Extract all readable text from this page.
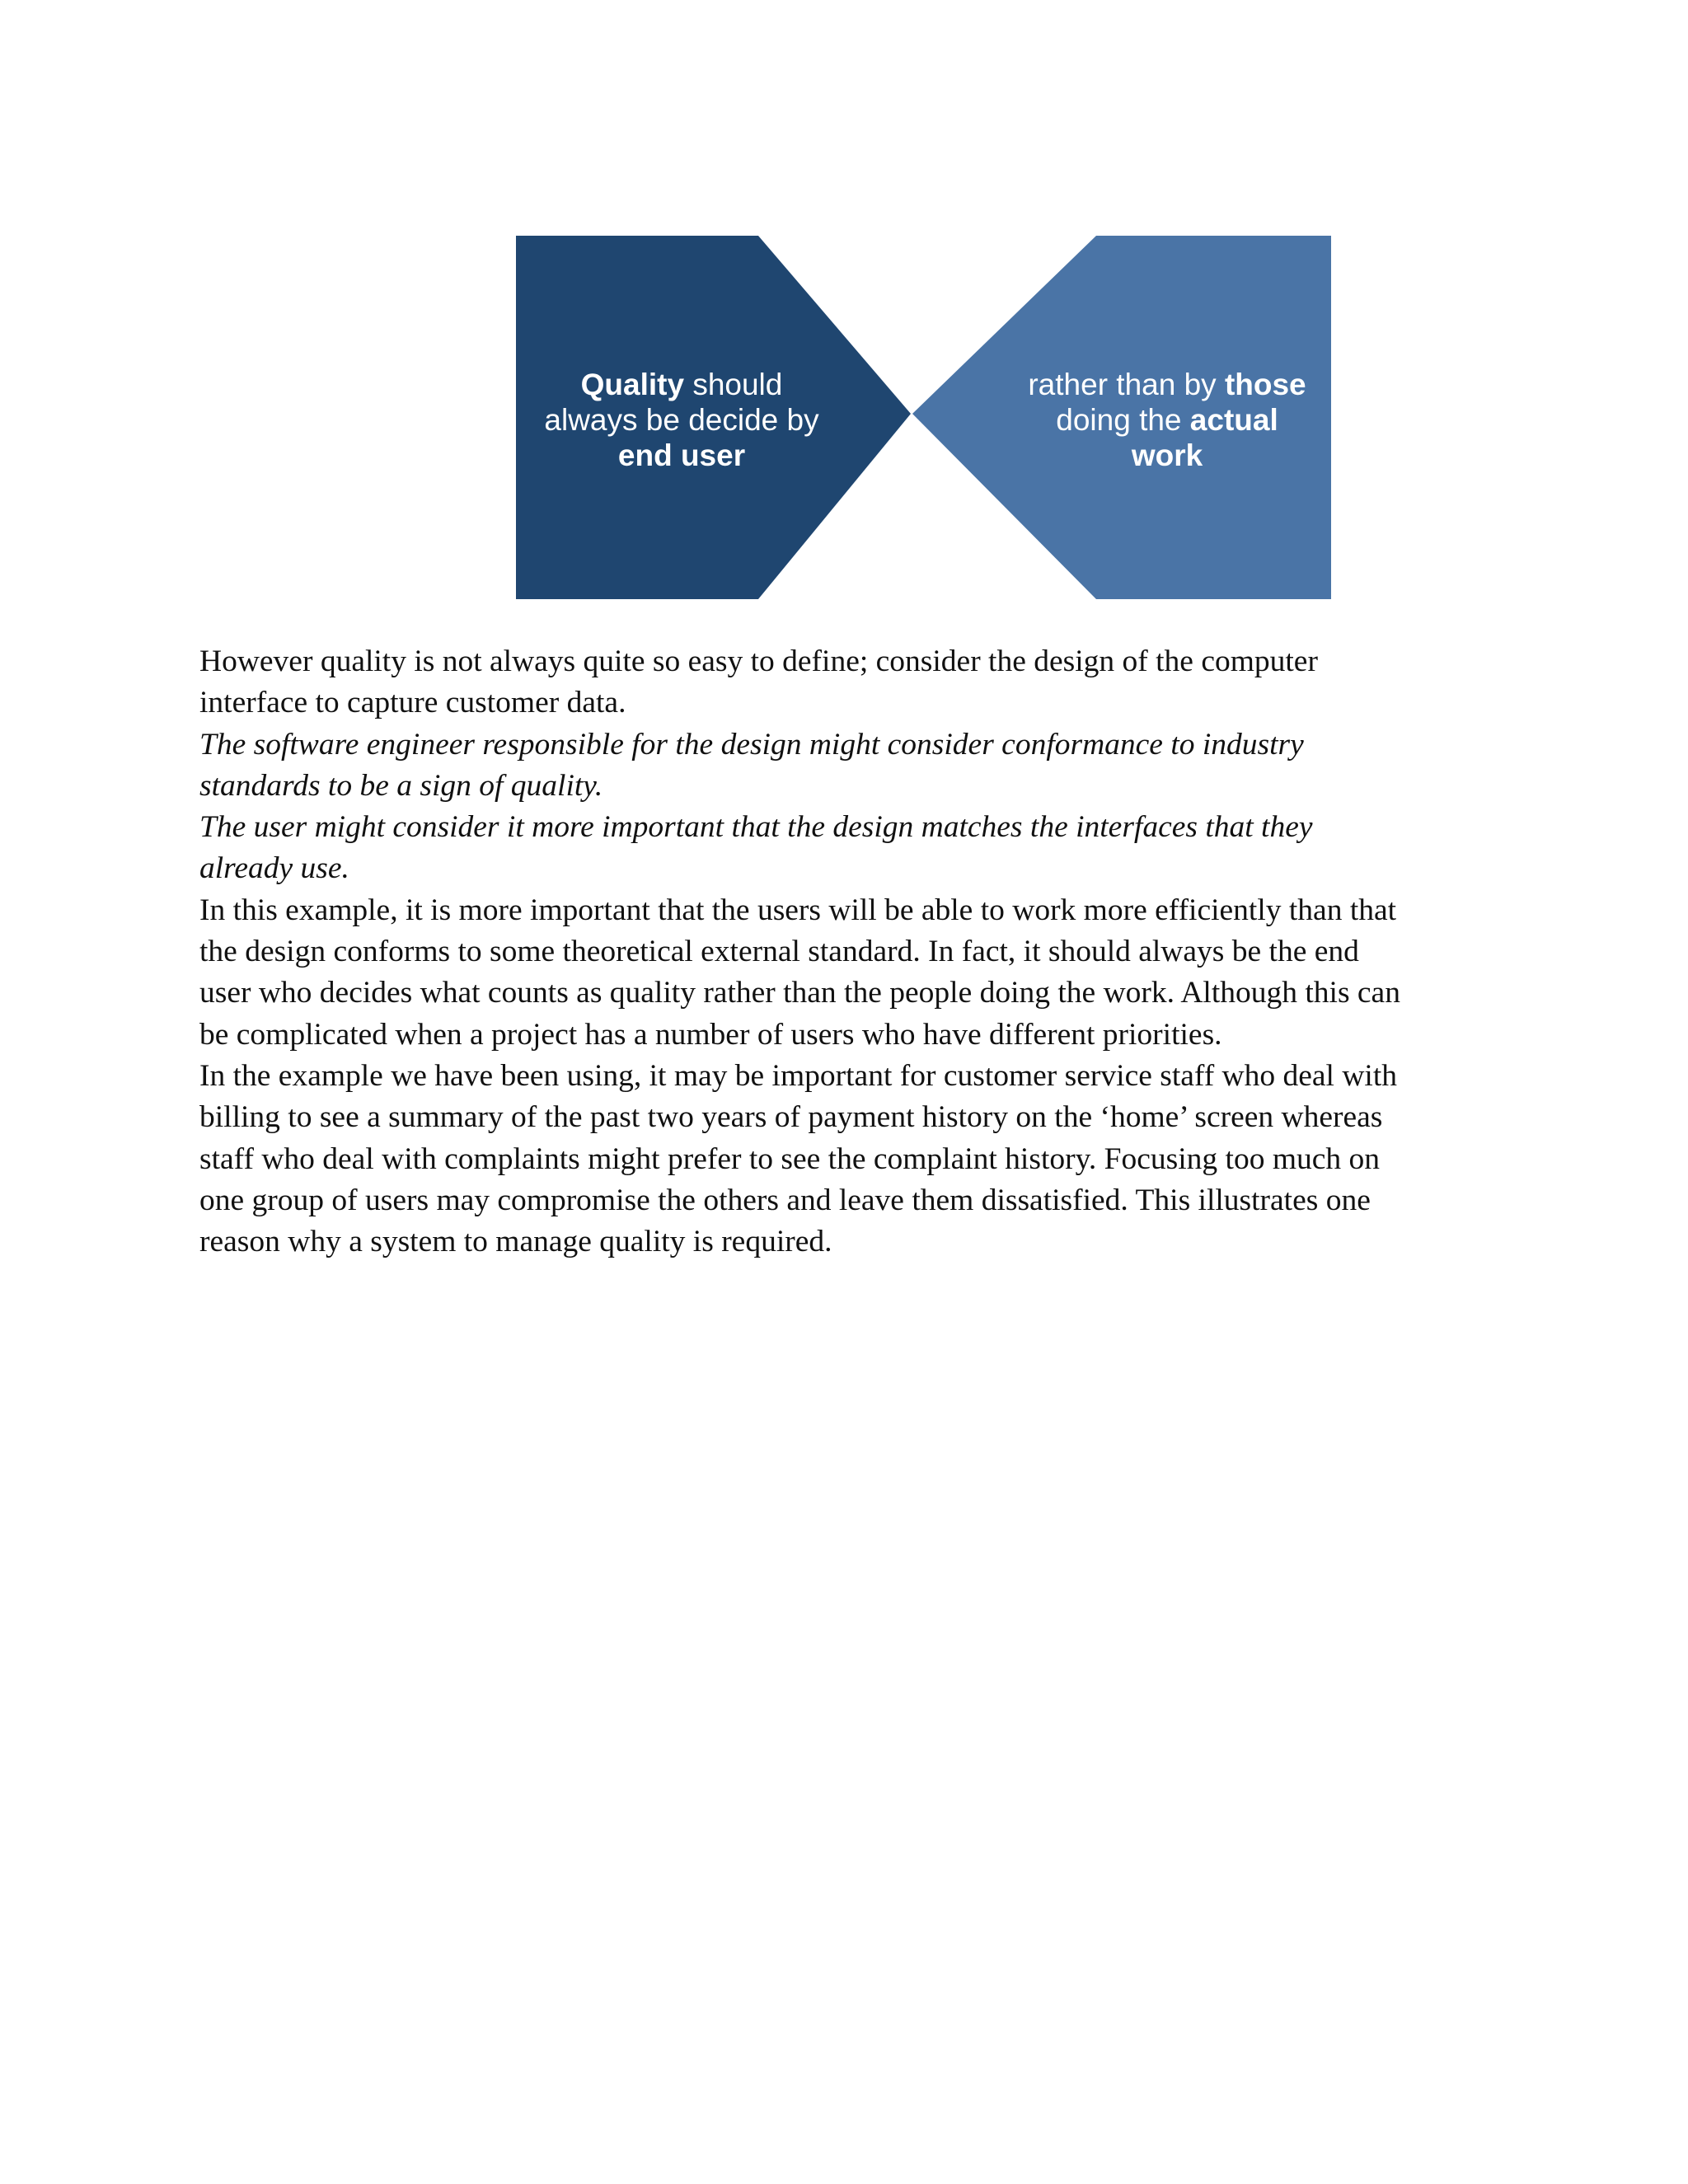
Quality should
always be decide by
end user
rather than by those
doing the actual
work

However quality is not always quite so easy to define; consider the design of the computer
interface to capture customer data.

The software engineer responsible for the design might consider conformance to industry
standards to be a sign of quality.

The user might consider it more important that the design matches the interfaces that they
already use.

In this example, it is more important that the users will be able to work more efficiently than that
the design conforms to some theoretical external standard. In fact, it should always be the end
user who decides what counts as quality rather than the people doing the work. Although this can
be complicated when a project has a number of users who have different priorities.

In the example we have been using, it may be important for customer service staff who deal with
billing to see a summary of the past two years of payment history on the ‘home’ screen whereas
staff who deal with complaints might prefer to see the complaint history. Focusing too much on
one group of users may compromise the others and leave them dissatisfied. This illustrates one
reason why a system to manage quality is required.
